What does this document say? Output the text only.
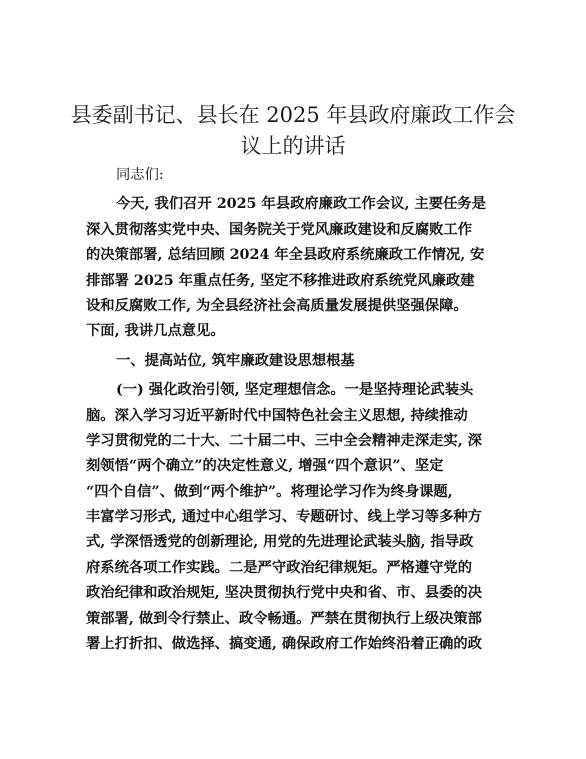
县委副书记、县长在 2025 年县政府廉政工作会
议上的讲话
同志们:
今天, 我们召开 2025 年县政府廉政工作会议, 主要任务是
深入贯彻落实党中央、国务院关于党风廉政建设和反腐败工作
的决策部署, 总结回顾 2024 年全县政府系统廉政工作情况, 安
排部署 2025 年重点任务, 坚定不移推进政府系统党风廉政建
设和反腐败工作, 为全县经济社会高质量发展提供坚强保障。
下面, 我讲几点意见。
一、提高站位, 筑牢廉政建设思想根基
(一) 强化政治引领, 坚定理想信念。一是坚持理论武装头
脑。深入学习习近平新时代中国特色社会主义思想, 持续推动
学习贯彻党的二十大、二十届二中、三中全会精神走深走实, 深
刻领悟“两个确立”的决定性意义, 增强“四个意识”、坚定
“四个自信”、做到“两个维护”。将理论学习作为终身课题,
丰富学习形式, 通过中心组学习、专题研讨、线上学习等多种方
式, 学深悟透党的创新理论, 用党的先进理论武装头脑, 指导政
府系统各项工作实践。二是严守政治纪律规矩。严格遵守党的
政治纪律和政治规矩, 坚决贯彻执行党中央和省、市、县委的决
策部署, 做到令行禁止、政令畅通。严禁在贯彻执行上级决策部
署上打折扣、做选择、搞变通, 确保政府工作始终沿着正确的政
